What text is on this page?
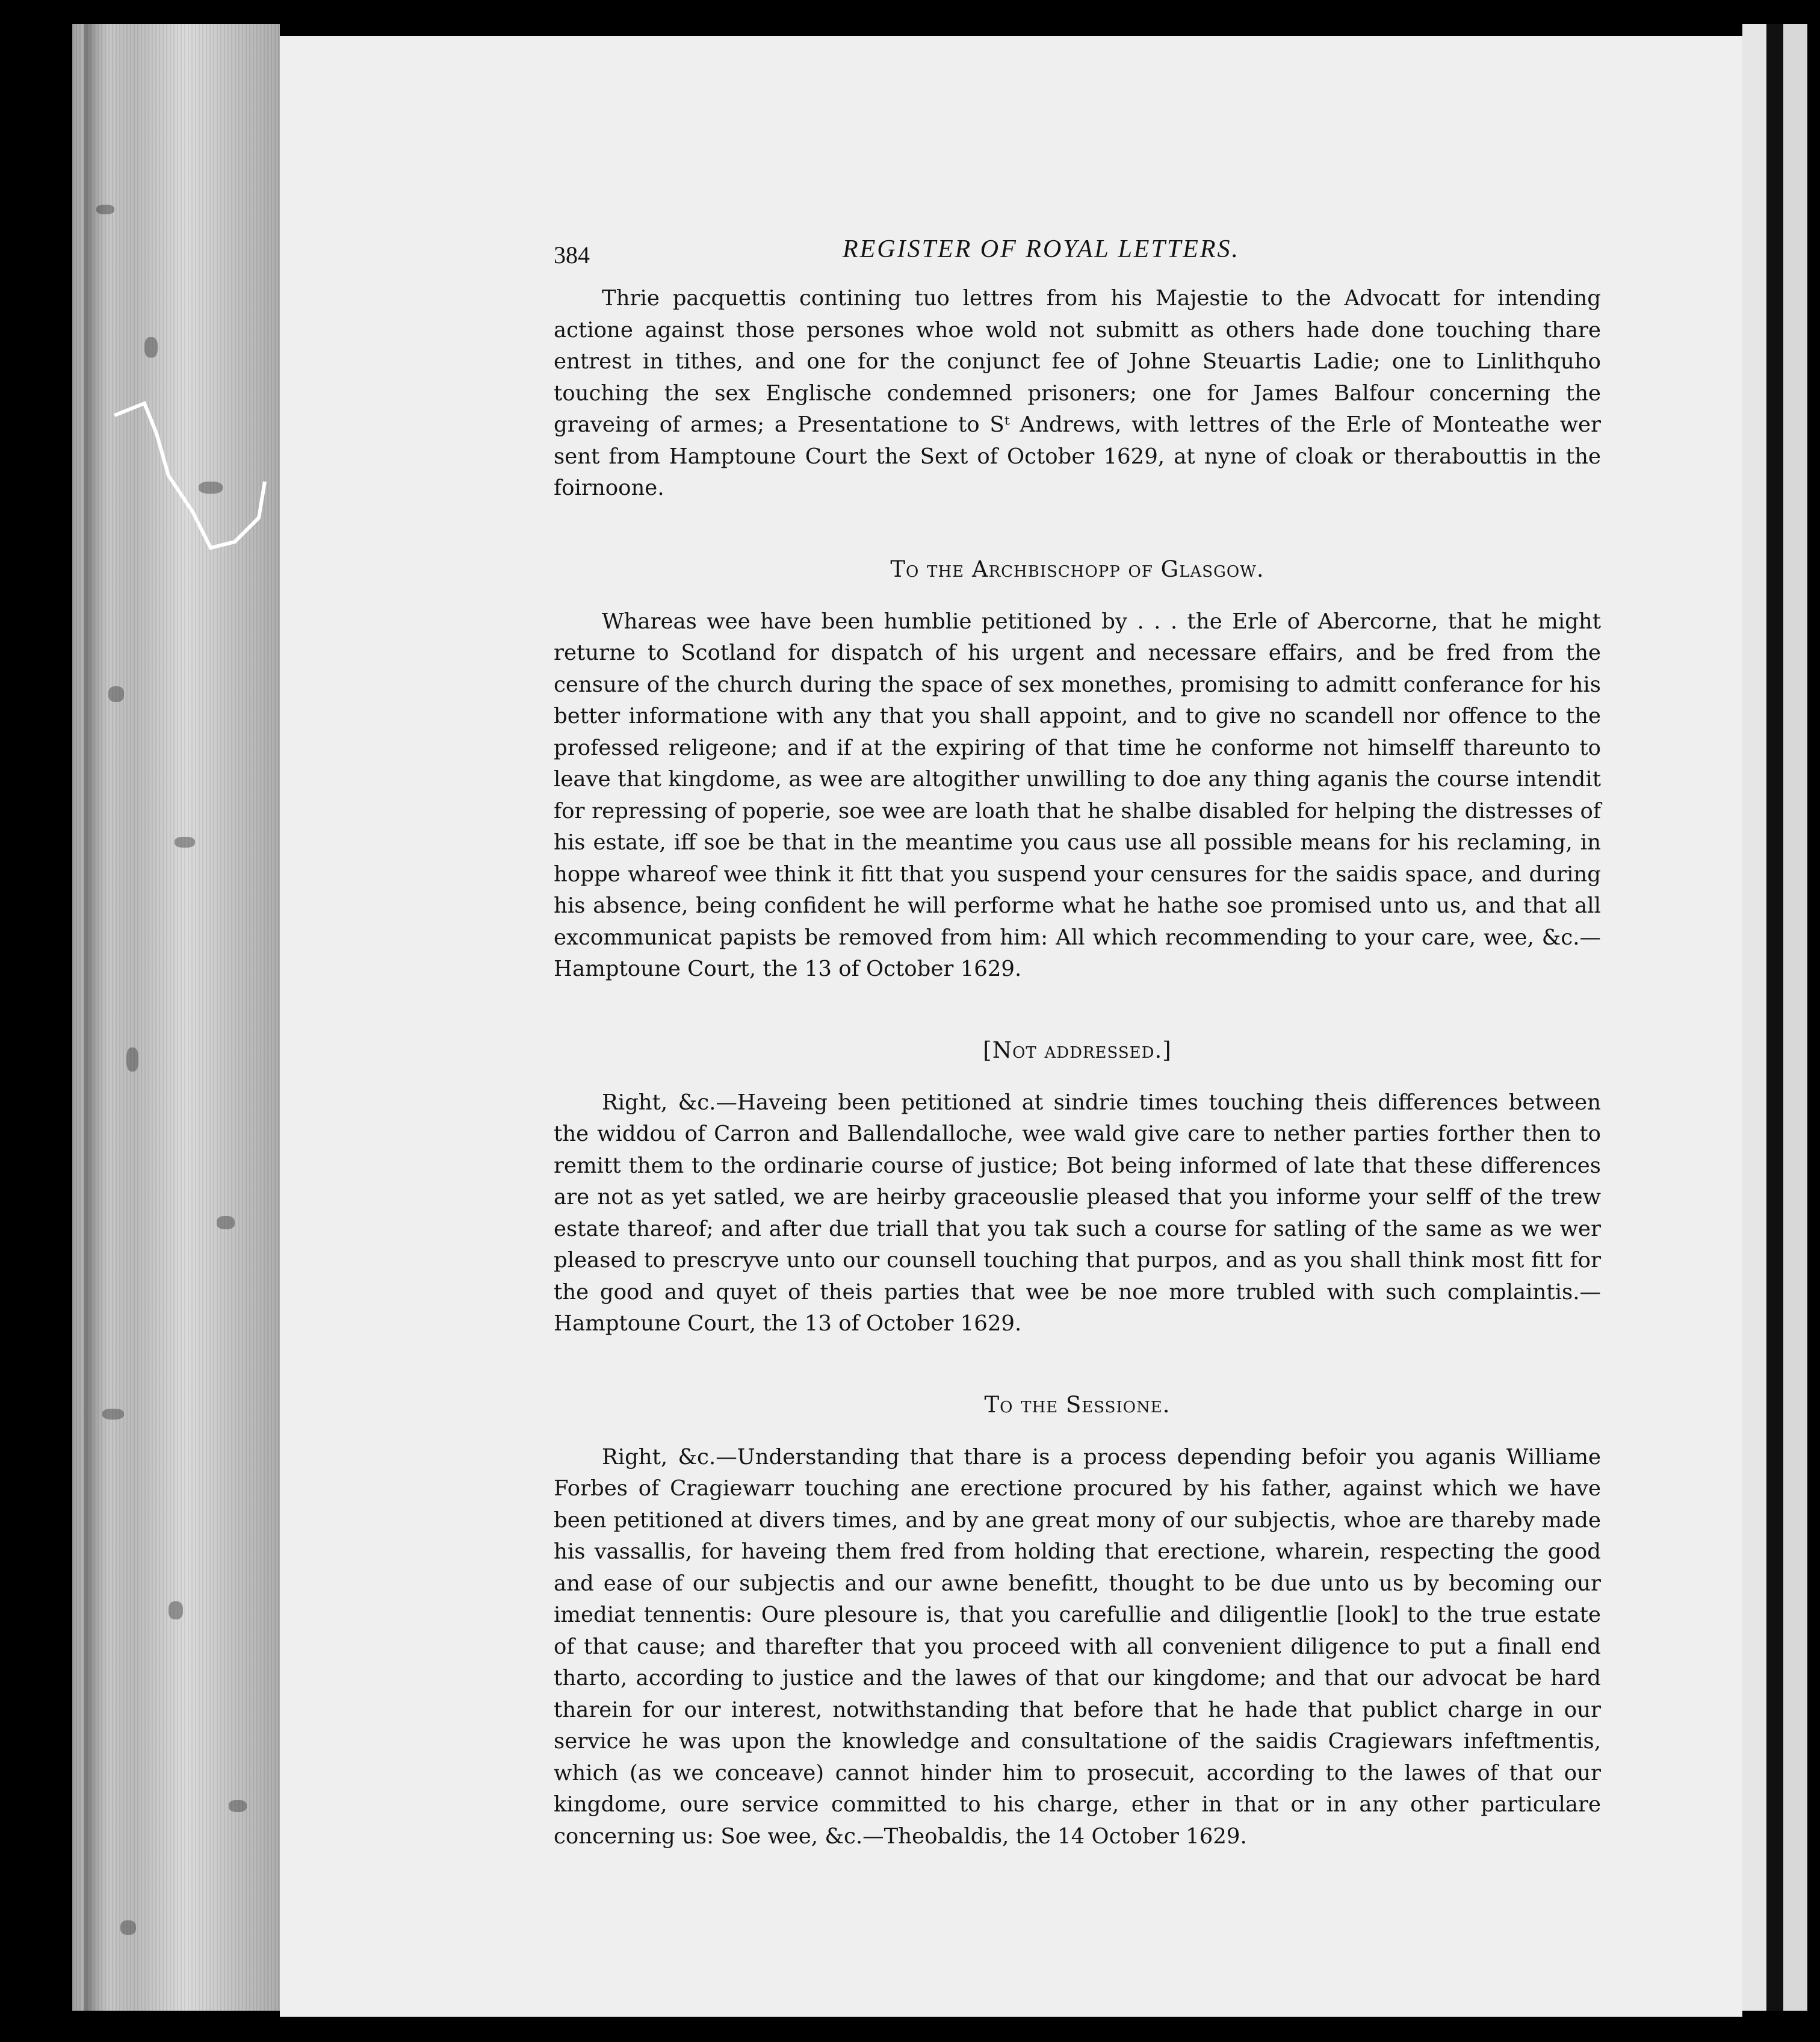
384	REGISTER OF ROYAL LETTERS.

Thrie pacquettis contining tuo lettres from his Majestie to the Advocatt for intending actione against those persones whoe wold not submitt as others hade done touching thare entrest in tithes, and one for the conjunct fee of Johne Steuartis Ladie; one to Linlithquho touching the sex Englische condemned prisoners; one for James Balfour concerning the graveing of armes; a Presentatione to Sᵗ Andrews, with lettres of the Erle of Monteathe wer sent from Hamptoune Court the Sext of October 1629, at nyne of cloak or therabouttis in the foirnoone.

To the Archbischopp of Glasgow.

Whareas wee have been humblie petitioned by . . . the Erle of Abercorne, that he might returne to Scotland for dispatch of his urgent and necessare effairs, and be fred from the censure of the church during the space of sex monethes, promising to admitt conferance for his better informatione with any that you shall appoint, and to give no scandell nor offence to the professed religeone; and if at the expiring of that time he conforme not himselff thareunto to leave that kingdome, as wee are altogither unwilling to doe any thing aganis the course intendit for repressing of poperie, soe wee are loath that he shalbe disabled for helping the distresses of his estate, iff soe be that in the meantime you caus use all possible means for his reclaming, in hoppe whareof wee think it fitt that you suspend your censures for the saidis space, and during his absence, being confident he will performe what he hathe soe promised unto us, and that all excommunicat papists be removed from him: All which recommending to your care, wee, &c.—Hamptoune Court, the 13 of October 1629.

[Not addressed.]

Right, &c.—Haveing been petitioned at sindrie times touching theis differences between the widdou of Carron and Ballendalloche, wee wald give care to nether parties forther then to remitt them to the ordinarie course of justice; Bot being informed of late that these differences are not as yet satled, we are heirby graceouslie pleased that you informe your selff of the trew estate thareof; and after due triall that you tak such a course for satling of the same as we wer pleased to prescryve unto our counsell touching that purpos, and as you shall think most fitt for the good and quyet of theis parties that wee be noe more trubled with such complaintis.—Hamptoune Court, the 13 of October 1629.

To the Sessione.

Right, &c.—Understanding that thare is a process depending befoir you aganis Williame Forbes of Cragiewarr touching ane erectione procured by his father, against which we have been petitioned at divers times, and by ane great mony of our subjectis, whoe are thareby made his vassallis, for haveing them fred from holding that erectione, wharein, respecting the good and ease of our subjectis and our awne benefitt, thought to be due unto us by becoming our imediat tennentis: Oure plesoure is, that you carefullie and diligentlie [look] to the true estate of that cause; and tharefter that you proceed with all convenient diligence to put a finall end tharto, according to justice and the lawes of that our kingdome; and that our advocat be hard tharein for our interest, notwithstanding that before that he hade that publict charge in our service he was upon the knowledge and consultatione of the saidis Cragiewars infeftmentis, which (as we conceave) cannot hinder him to prosecuit, according to the lawes of that our kingdome, oure service committed to his charge, ether in that or in any other particulare concerning us: Soe wee, &c.—Theobaldis, the 14 October 1629.
